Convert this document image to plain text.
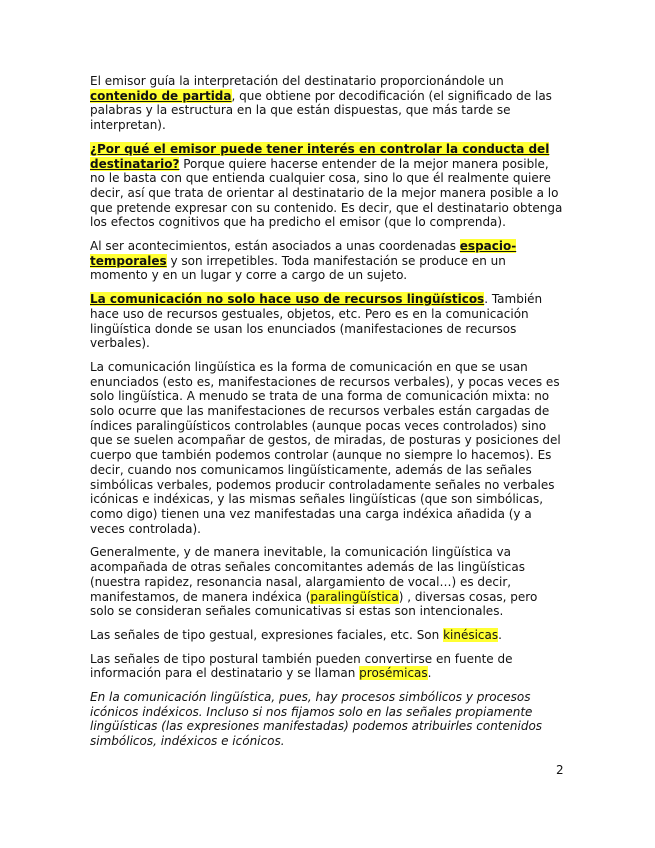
El emisor guía la interpretación del destinatario proporcionándole un contenido de partida, que obtiene por decodificación (el significado de las palabras y la estructura en la que están dispuestas, que más tarde se interpretan).

¿Por qué el emisor puede tener interés en controlar la conducta del destinatario? Porque quiere hacerse entender de la mejor manera posible, no le basta con que entienda cualquier cosa, sino lo que él realmente quiere decir, así que trata de orientar al destinatario de la mejor manera posible a lo que pretende expresar con su contenido. Es decir, que el destinatario obtenga los efectos cognitivos que ha predicho el emisor (que lo comprenda).

Al ser acontecimientos, están asociados a unas coordenadas espacio-temporales y son irrepetibles. Toda manifestación se produce en un momento y en un lugar y corre a cargo de un sujeto.

La comunicación no solo hace uso de recursos lingüísticos. También hace uso de recursos gestuales, objetos, etc. Pero es en la comunicación lingüística donde se usan los enunciados (manifestaciones de recursos verbales).

La comunicación lingüística es la forma de comunicación en que se usan enunciados (esto es, manifestaciones de recursos verbales), y pocas veces es solo lingüística. A menudo se trata de una forma de comunicación mixta: no solo ocurre que las manifestaciones de recursos verbales están cargadas de índices paralingüísticos controlables (aunque pocas veces controlados) sino que se suelen acompañar de gestos, de miradas, de posturas y posiciones del cuerpo que también podemos controlar (aunque no siempre lo hacemos). Es decir, cuando nos comunicamos lingüísticamente, además de las señales simbólicas verbales, podemos producir controladamente señales no verbales icónicas e indéxicas, y las mismas señales lingüísticas (que son simbólicas, como digo) tienen una vez manifestadas una carga indéxica añadida (y a veces controlada).

Generalmente, y de manera inevitable, la comunicación lingüística va acompañada de otras señales concomitantes además de las lingüísticas (nuestra rapidez, resonancia nasal, alargamiento de vocal…) es decir, manifestamos, de manera indéxica (paralingüística) , diversas cosas, pero solo se consideran señales comunicativas si estas son intencionales.

Las señales de tipo gestual, expresiones faciales, etc. Son kinésicas.

Las señales de tipo postural también pueden convertirse en fuente de información para el destinatario y se llaman prosémicas.

En la comunicación lingüística, pues, hay procesos simbólicos y procesos icónicos indéxicos. Incluso si nos fijamos solo en las señales propiamente lingüísticas (las expresiones manifestadas) podemos atribuirles contenidos simbólicos, indéxicos e icónicos.

2
